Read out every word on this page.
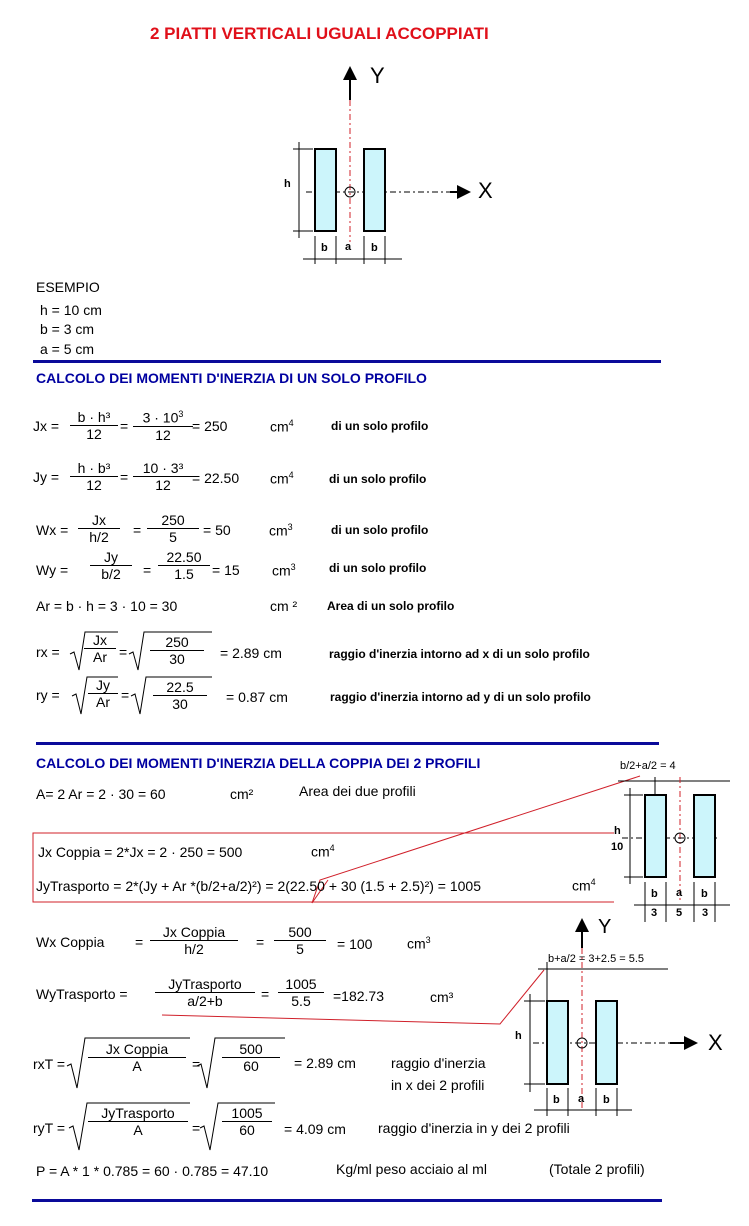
2 PIATTI VERTICALI UGUALI ACCOPPIATI
Y
X
h
b a b
ESEMPIO
h = 10 cm
b = 3 cm
a = 5 cm
CALCOLO DEI MOMENTI D'INERZIA DI UN SOLO PROFILO
$Jx = \frac{\text{b · h³}}{12} = \frac{3 \cdot 10^3}{12} = 250$	$cm^4$	di un solo profilo
$Jy = \frac{\text{h · b³}}{12} = \frac{\text{10 · 3³}}{12} = 22.50$ $cm^4$	di un solo profilo
$Wx = \frac{Jx}{h/2} = \frac{250}{5} = 50$	$cm^3$	di un solo profilo
$Wy = \frac{Jy}{b/2} = \frac{22.50}{1.5} = 15$ $cm^3$	di un solo profilo
Ar = b · h = 3 · 10 = 30	cm ² Area di un solo profilo
rx = $\frac{Jx}{Ar} = \frac{250}{30} = 2.89$ cm	raggio d'inerzia intorno ad x di un solo profilo
ry = $\frac{Jy}{Ar} = \frac{22.5}{30} = 0.87$ cm	raggio d'inerzia intorno ad y di un solo profilo
CALCOLO DEI MOMENTI D'INERZIA DELLA COPPIA DEI 2 PROFILI
A= 2 Ar = 2 · 30 = 60	cm²	Area dei due profili
Jx Coppia = 2*Jx = 2 · 250 = 500	$cm^4$
JyTrasporto = 2*(Jy + Ar *(b/2+a/2)²) = 2(22.50 + 30 (1.5 + 2.5)²) = 1005	$cm^4$
Wx Coppia =
Jx Coppia
h/2	= $\frac{500}{5} = 100$ $cm^3$
WyTrasporto =
JyTrasporto
a/2+b	= $\frac{1005}{5.5} =182.73$	cm³
rxT =
Jx Coppia
A	= $\frac{500}{60} = 2.89$ cm	raggio d'inerzia
in x dei 2 profili
ryT =
JyTrasporto
A	= $\frac{1005}{60} = 4.09$ cm raggio d'inerzia in y dei 2 profili
P = A * 1 * 0.785 = 60 · 0.785 = 47.10	Kg/ml peso acciaio al ml	(Totale 2 profili)
b/2+a/2 = 4
h
10
b a b
3 5 3
Y
X
b+a/2 = 3+2.5 = 5.5
h
b a b
